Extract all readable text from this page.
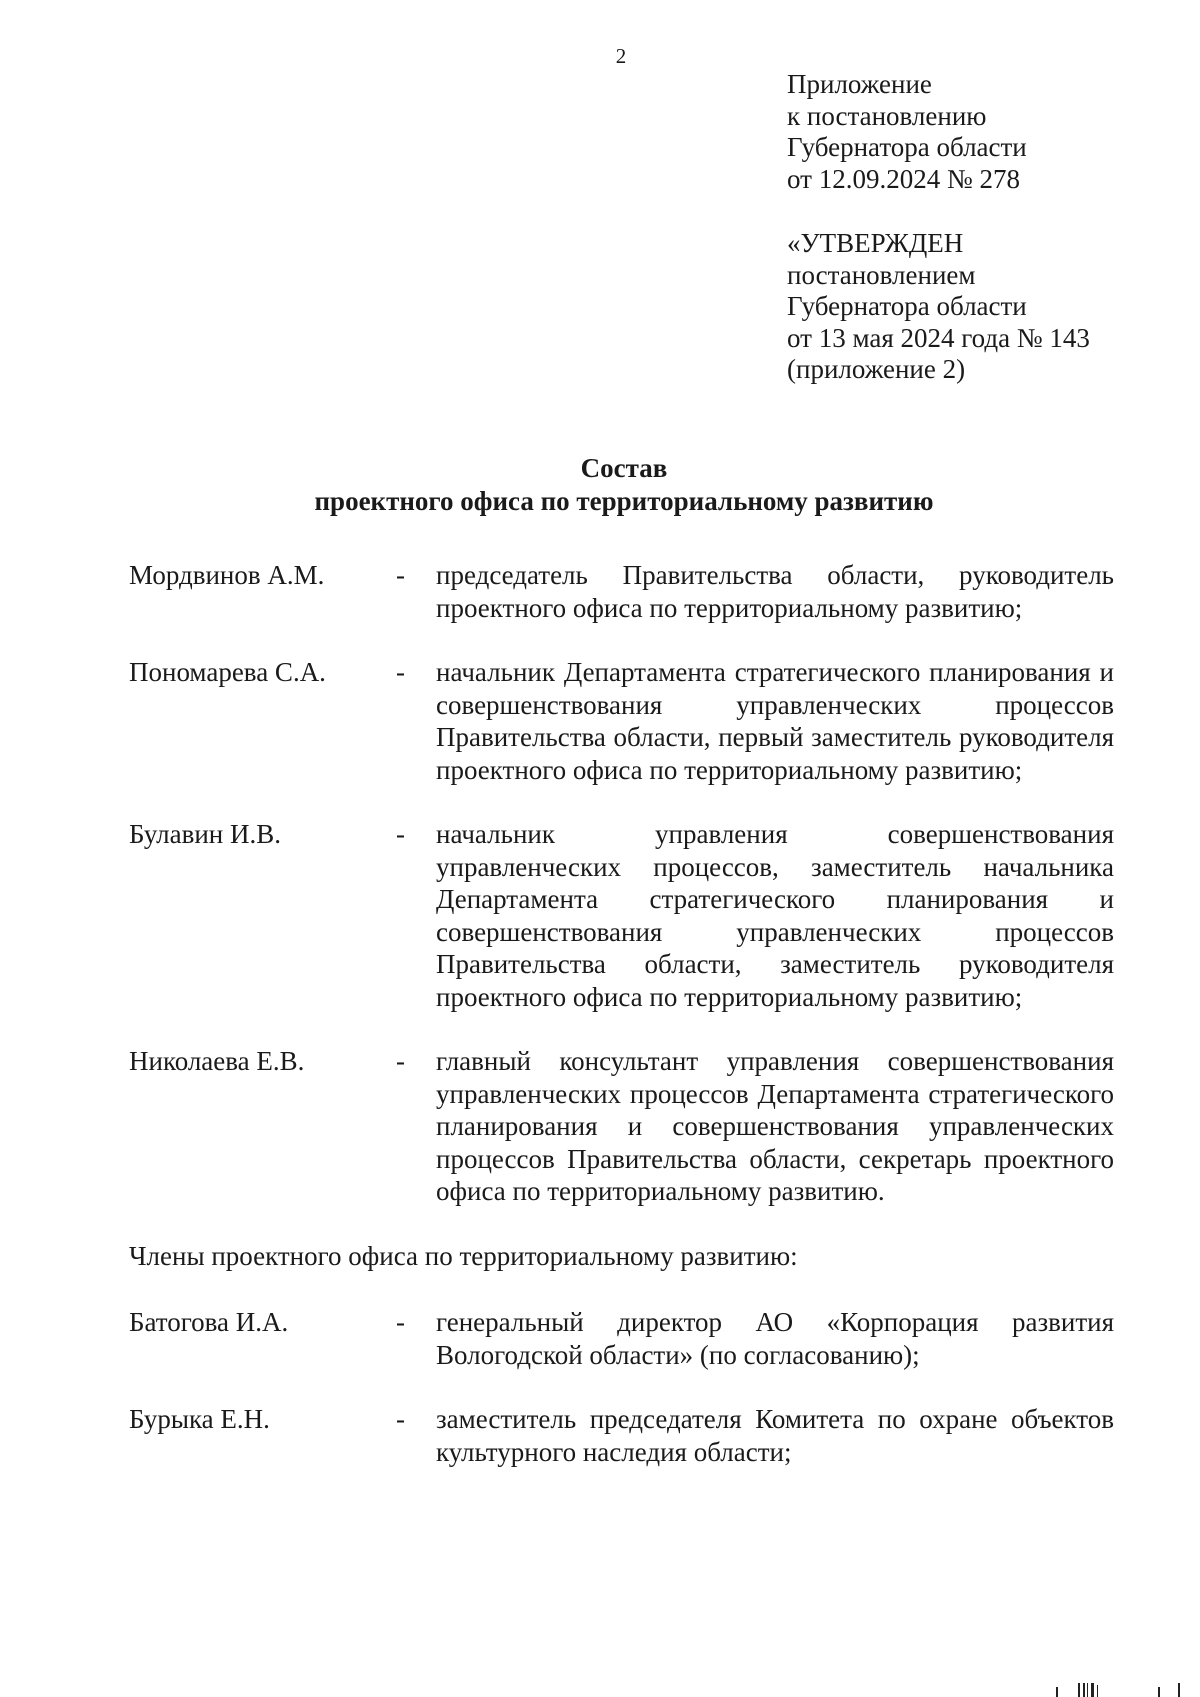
2
Приложение
к постановлению
Губернатора области
от 12.09.2024 № 278
«УТВЕРЖДЕН
постановлением
Губернатора области
от 13 мая 2024 года № 143
(приложение 2)
Состав
проектного офиса по территориальному развитию
Мордвинов А.М.	-	председатель Правительства области, руководитель проектного офиса по территориальному развитию;
Пономарева С.А.	-	начальник Департамента стратегического планирования и совершенствования управленческих процессов Правительства области, первый заместитель руководителя проектного офиса по территориальному развитию;
Булавин И.В.	-	начальник управления совершенствования управленческих процессов, заместитель начальника Департамента стратегического планирования и совершенствования управленческих процессов Правительства области, заместитель руководителя проектного офиса по территориальному развитию;
Николаева Е.В.	-	главный консультант управления совершенствования управленческих процессов Департамента стратегического планирования и совершенствования управленческих процессов Правительства области, секретарь проектного офиса по территориальному развитию.
Члены проектного офиса по территориальному развитию:
Батогова И.А.	-	генеральный директор АО «Корпорация развития Вологодской области» (по согласованию);
Бурыка Е.Н.	-	заместитель председателя Комитета по охране объектов культурного наследия области;
